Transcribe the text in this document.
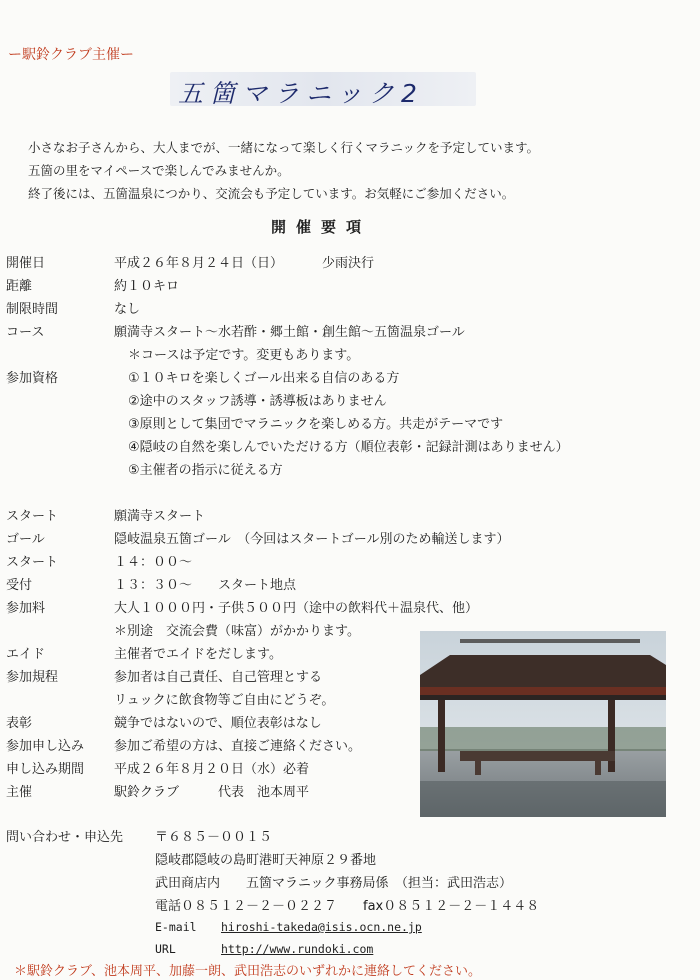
ー駅鈴クラブ主催ー
五箇マラニック2
小さなお子さんから、大人までが、一緒になって楽しく行くマラニックを予定しています。
五箇の里をマイペースで楽しんでみませんか。
終了後には、五箇温泉につかり、交流会も予定しています。お気軽にご参加ください。
開催要項
開催日	平成２６年８月２４日（日）	少雨決行
距離	約１０キロ
制限時間	なし
コース	願満寺スタート～水若酢・郷土館・創生館～五箇温泉ゴール
＊コースは予定です。変更もあります。
参加資格	①１０キロを楽しくゴール出来る自信のある方
②途中のスタッフ誘導・誘導板はありません
③原則として集団でマラニックを楽しめる方。共走がテーマです
④隠岐の自然を楽しんでいただける方（順位表彰・記録計測はありません）
⑤主催者の指示に従える方
スタート	願満寺スタート
ゴール	隠岐温泉五箇ゴール　（今回はスタートゴール別のため輸送します）
スタート	１４：００～
受付	１３：３０～　　スタート地点
参加料	大人１０００円・子供５００円（途中の飲料代＋温泉代、他）
＊別途　交流会費（味富）がかかります。
エイド	主催者でエイドをだします。
参加規程	参加者は自己責任、自己管理とする
リュックに飲食物等ご自由にどうぞ。
表彰	競争ではないので、順位表彰はなし
参加申し込み 参加ご希望の方は、直接ご連絡ください。
申し込み期間 平成２６年８月２０日（水）必着
主催	駅鈴クラブ　　　代表　池本周平
問い合わせ・申込先 〒６８５－００１５
隠岐郡隠岐の島町港町天神原２９番地
武田商店内　　五箇マラニック事務局係　（担当：武田浩志）
電話０８５１２－２－０２２７　　fax０８５１２－２－１４４８
E-mail hiroshi-takeda@isis.ocn.ne.jp
URL	http://www.rundoki.com
＊駅鈴クラブ、池本周平、加藤一朗、武田浩志のいずれかに連絡してください。
